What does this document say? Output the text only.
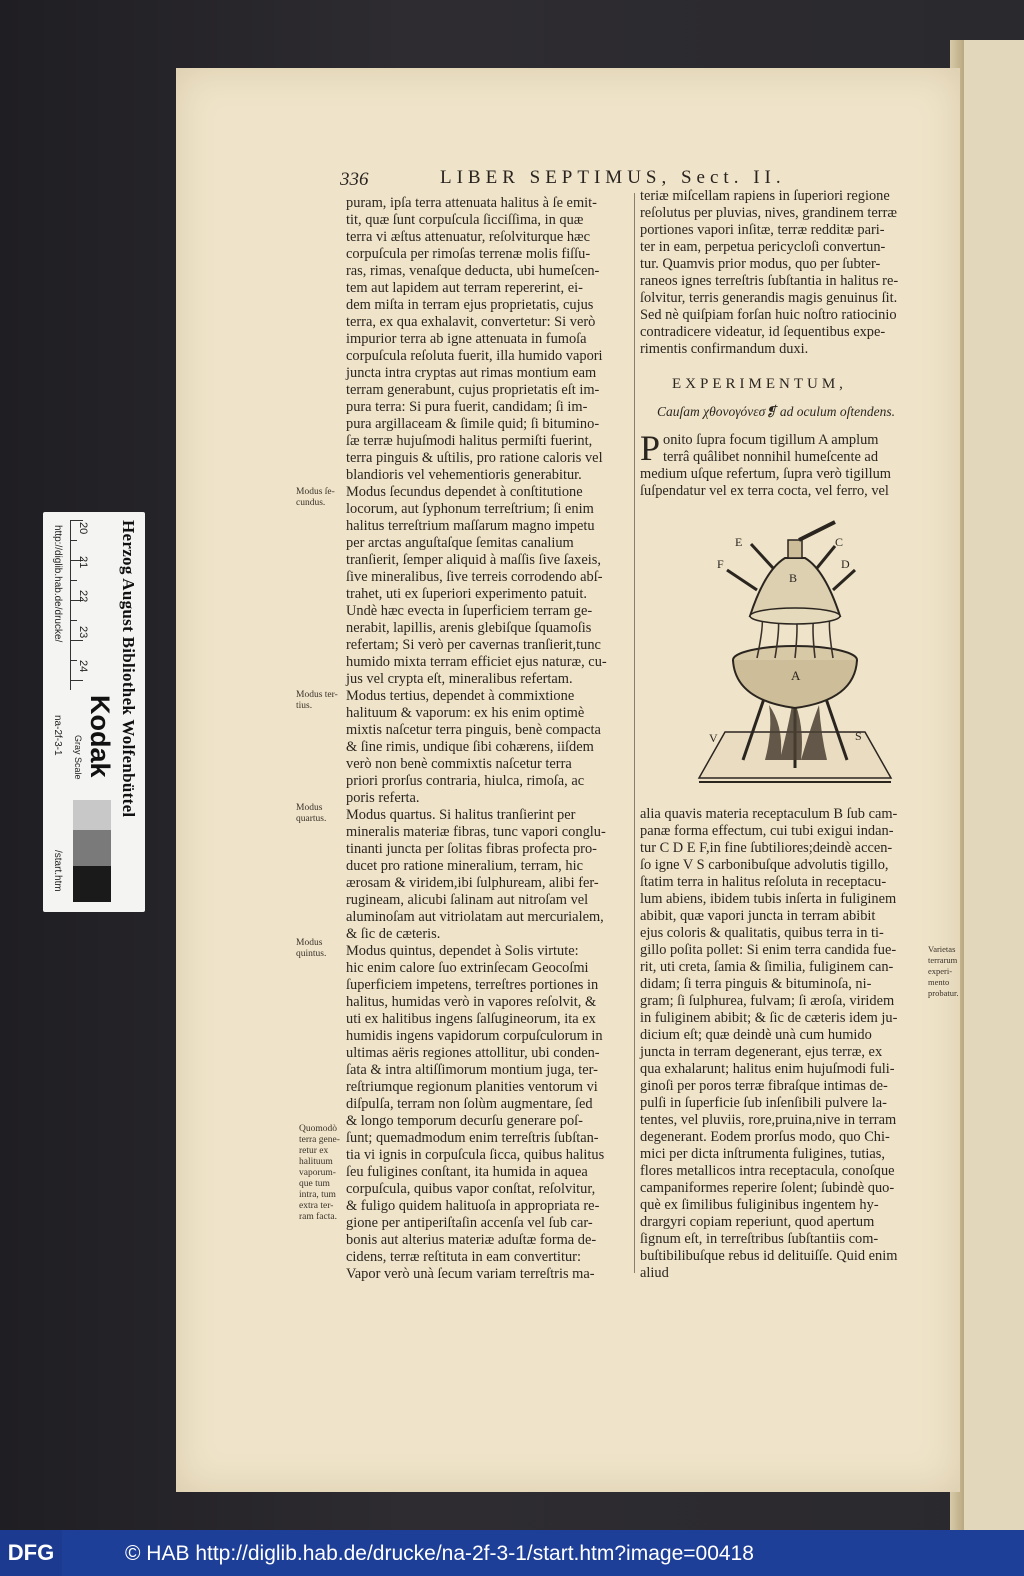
Herzog August Bibliothek Wolfenbüttel
http://diglib.hab.de/drucke/
na-2f-3-1
/start.htm
20
21
22
23
24
Kodak
Gray Scale
336	LIBER SEPTIMUS, Sect. II.
puram, ipſa terra attenuata halitus à ſe emit-
tit, quæ ſunt corpuſcula ſicciſſima, in quæ
terra vi æſtus attenuatur, reſolviturque hæc
corpuſcula per rimoſas terrenæ molis fiſſu-
ras, rimas, venaſque deducta, ubi humeſcen-
tem aut lapidem aut terram repererint, ei-
dem miſta in terram ejus proprietatis, cujus
terra, ex qua exhalavit, convertetur: Si verò
impurior terra ab igne attenuata in fumoſa
corpuſcula reſoluta fuerit, illa humido vapori
juncta intra cryptas aut rimas montium eam
terram generabunt, cujus proprietatis eſt im-
pura terra: Si pura fuerit, candidam; ſi im-
pura argillaceam & ſimile quid; ſi bitumino-
ſæ terræ hujuſmodi halitus permiſti fuerint,
terra pinguis & uſtilis, pro ratione caloris vel
blandioris vel vehementioris generabitur.
Modus ſecundus dependet à conſtitutione
locorum, aut ſyphonum terreſtrium; ſi enim
halitus terreſtrium maſſarum magno impetu
per arctas anguſtaſque ſemitas canalium
tranſierit, ſemper aliquid à maſſis ſive ſaxeis,
ſive mineralibus, ſive terreis corrodendo abſ-
trahet, uti ex ſuperiori experimento patuit.
Undè hæc evecta in ſuperficiem terram ge-
nerabit, lapillis, arenis glebiſque ſquamoſis
refertam; Si verò per cavernas tranſierit,tunc
humido mixta terram efficiet ejus naturæ, cu-
jus vel crypta eſt, mineralibus refertam.
Modus tertius, dependet à commixtione
halituum & vaporum: ex his enim optimè
mixtis naſcetur terra pinguis, benè compacta
& ſine rimis, undique ſibi cohærens, iiſdem
verò non benè commixtis naſcetur terra
priori prorſus contraria, hiulca, rimoſa, ac
poris referta.
Modus quartus. Si halitus tranſierint per
mineralis materiæ fibras, tunc vapori conglu-
tinanti juncta per ſolitas fibras profecta pro-
ducet pro ratione mineralium, terram, hic
ærosam & viridem,ibi ſulphuream, alibi fer-
rugineam, alicubi ſalinam aut nitroſam vel
aluminoſam aut vitriolatam aut mercurialem,
& ſic de cæteris.
Modus quintus, dependet à Solis virtute:
hic enim calore ſuo extrinſecam Geocoſmi
ſuperficiem impetens, terreſtres portiones in
halitus, humidas verò in vapores reſolvit, &
uti ex halitibus ingens ſalſugineorum, ita ex
humidis ingens vapidorum corpuſculorum in
ultimas aëris regiones attollitur, ubi conden-
ſata & intra altiſſimorum montium juga, ter-
reſtriumque regionum planities ventorum vi
diſpulſa, terram non ſolùm augmentare, ſed
& longo temporum decurſu generare poſ-
ſunt; quemadmodum enim terreſtris ſubſtan-
tia vi ignis in corpuſcula ſicca, quibus halitus
ſeu fuligines conſtant, ita humida in aquea
corpuſcula, quibus vapor conſtat, reſolvitur,
& fuligo quidem halituoſa in appropriata re-
gione per antiperiſtaſin accenſa vel ſub car-
bonis aut alterius materiæ aduſtæ forma de-
cidens, terræ reſtituta in eam convertitur:
Vapor verò unà ſecum variam terreſtris ma-
Modus ſe-cundus.
Modus ter-tius.
Modus quartus.
Modus quintus.
Quomodò terra gene-retur ex halituum vaporum-que tum intra, tum extra ter-ram facta.
Varietas terrarum experi-mento probatur.
teriæ miſcellam rapiens in ſuperiori regione
reſolutus per pluvias, nives, grandinem terræ
portiones vapori inſitæ, terræ redditæ pari-
ter in eam, perpetua pericycloſi convertun-
tur. Quamvis prior modus, quo per ſubter-
raneos ignes terreſtris ſubſtantia in halitus re-
ſolvitur, terris generandis magis genuinus ſit.
Sed nè quiſpiam forſan huic noſtro ratiocinio
contradicere videatur, id ſequentibus expe-
rimentis confirmandum duxi.
EXPERIMENTUM,
Cauſam χθονογόνεσ❡ ad oculum oſtendens.
P onito ſupra focum tigillum A amplum
terrâ quâlibet nonnihil humeſcente ad
medium uſque refertum, ſupra verò tigillum
ſuſpendatur vel ex terra cocta, vel ferro, vel
E
F
B
C
D
A
V	S
alia quavis materia receptaculum B ſub cam-
panæ forma effectum, cui tubi exigui indan-
tur C D E F,in fine ſubtiliores;deindè accen-
ſo igne V S carbonibuſque advolutis tigillo,
ſtatim terra in halitus reſoluta in receptacu-
lum abiens, ibidem tubis inſerta in fuliginem
abibit, quæ vapori juncta in terram abibit
ejus coloris & qualitatis, quibus terra in ti-
gillo poſita pollet: Si enim terra candida fue-
rit, uti creta, ſamia & ſimilia, fuliginem can-
didam; ſi terra pinguis & bituminoſa, ni-
gram; ſi ſulphurea, fulvam; ſi æroſa, viridem
in fuliginem abibit; & ſic de cæteris idem ju-
dicium eſt; quæ deindè unà cum humido
juncta in terram degenerant, ejus terræ, ex
qua exhalarunt; halitus enim hujuſmodi fuli-
ginoſi per poros terræ fibraſque intimas de-
pulſi in ſuperficie ſub inſenſibili pulvere la-
tentes, vel pluviis, rore,pruina,nive in terram
degenerant. Eodem prorſus modo, quo Chi-
mici per dicta inſtrumenta fuligines, tutias,
flores metallicos intra receptacula, conoſque
campaniformes reperire ſolent; ſubindè quo-
què ex ſimilibus fuliginibus ingentem hy-
drargyri copiam reperiunt, quod apertum
ſignum eſt, in terreſtribus ſubſtantiis com-
buſtibilibuſque rebus id delituiſſe. Quid enim
aliud
DFG	© HAB http://diglib.hab.de/drucke/na-2f-3-1/start.htm?image=00418
